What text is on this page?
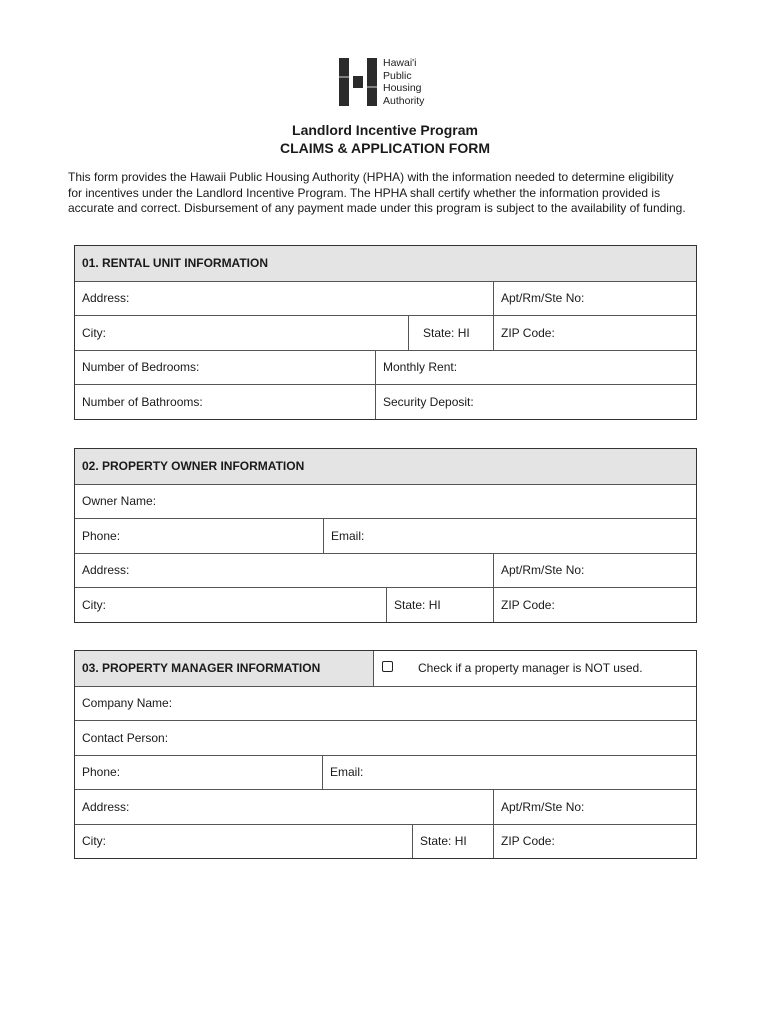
Hawai'i
Public
Housing
Authority
Landlord Incentive Program
CLAIMS & APPLICATION FORM
This form provides the Hawaii Public Housing Authority (HPHA) with the information needed to determine eligibility
for incentives under the Landlord Incentive Program. The HPHA shall certify whether the information provided is
accurate and correct. Disbursement of any payment made under this program is subject to the availability of funding.
01. RENTAL UNIT INFORMATION
Address:	Apt/Rm/Ste No:
City:	State: HI	ZIP Code:
Number of Bedrooms:	Monthly Rent:
Number of Bathrooms:	Security Deposit:
02. PROPERTY OWNER INFORMATION
Owner Name:
Phone:	Email:
Address:	Apt/Rm/Ste No:
City:	State: HI	ZIP Code:
03. PROPERTY MANAGER INFORMATION	Check if a property manager is NOT used.
Company Name:
Contact Person:
Phone:	Email:
Address:	Apt/Rm/Ste No:
City:	State: HI	ZIP Code:
